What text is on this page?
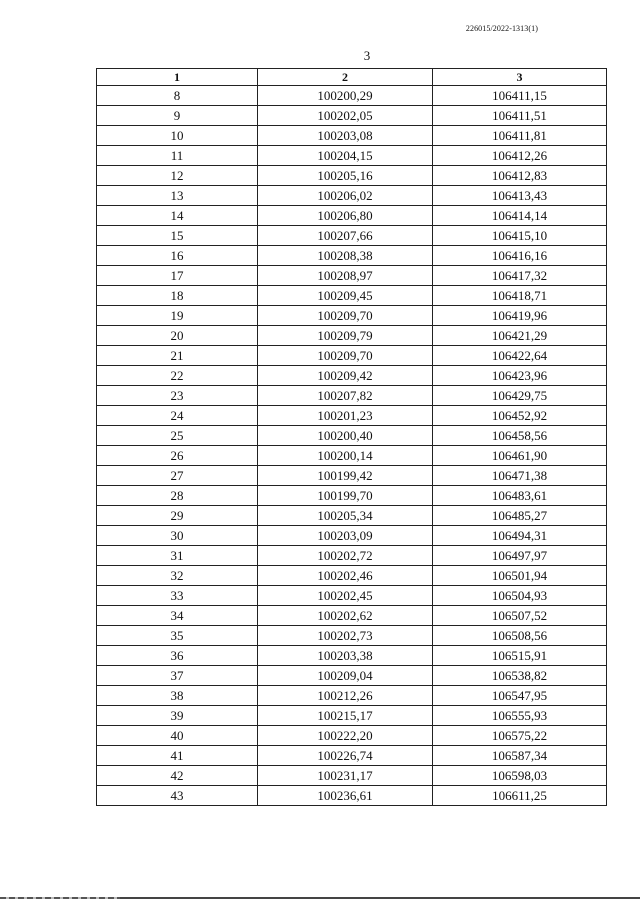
226015/2022-1313(1)
3
1	2	3
8	100200,29	106411,15
9	100202,05	106411,51
10	100203,08	106411,81
11	100204,15	106412,26
12	100205,16	106412,83
13	100206,02	106413,43
14	100206,80	106414,14
15	100207,66	106415,10
16	100208,38	106416,16
17	100208,97	106417,32
18	100209,45	106418,71
19	100209,70	106419,96
20	100209,79	106421,29
21	100209,70	106422,64
22	100209,42	106423,96
23	100207,82	106429,75
24	100201,23	106452,92
25	100200,40	106458,56
26	100200,14	106461,90
27	100199,42	106471,38
28	100199,70	106483,61
29	100205,34	106485,27
30	100203,09	106494,31
31	100202,72	106497,97
32	100202,46	106501,94
33	100202,45	106504,93
34	100202,62	106507,52
35	100202,73	106508,56
36	100203,38	106515,91
37	100209,04	106538,82
38	100212,26	106547,95
39	100215,17	106555,93
40	100222,20	106575,22
41	100226,74	106587,34
42	100231,17	106598,03
43	100236,61	106611,25
